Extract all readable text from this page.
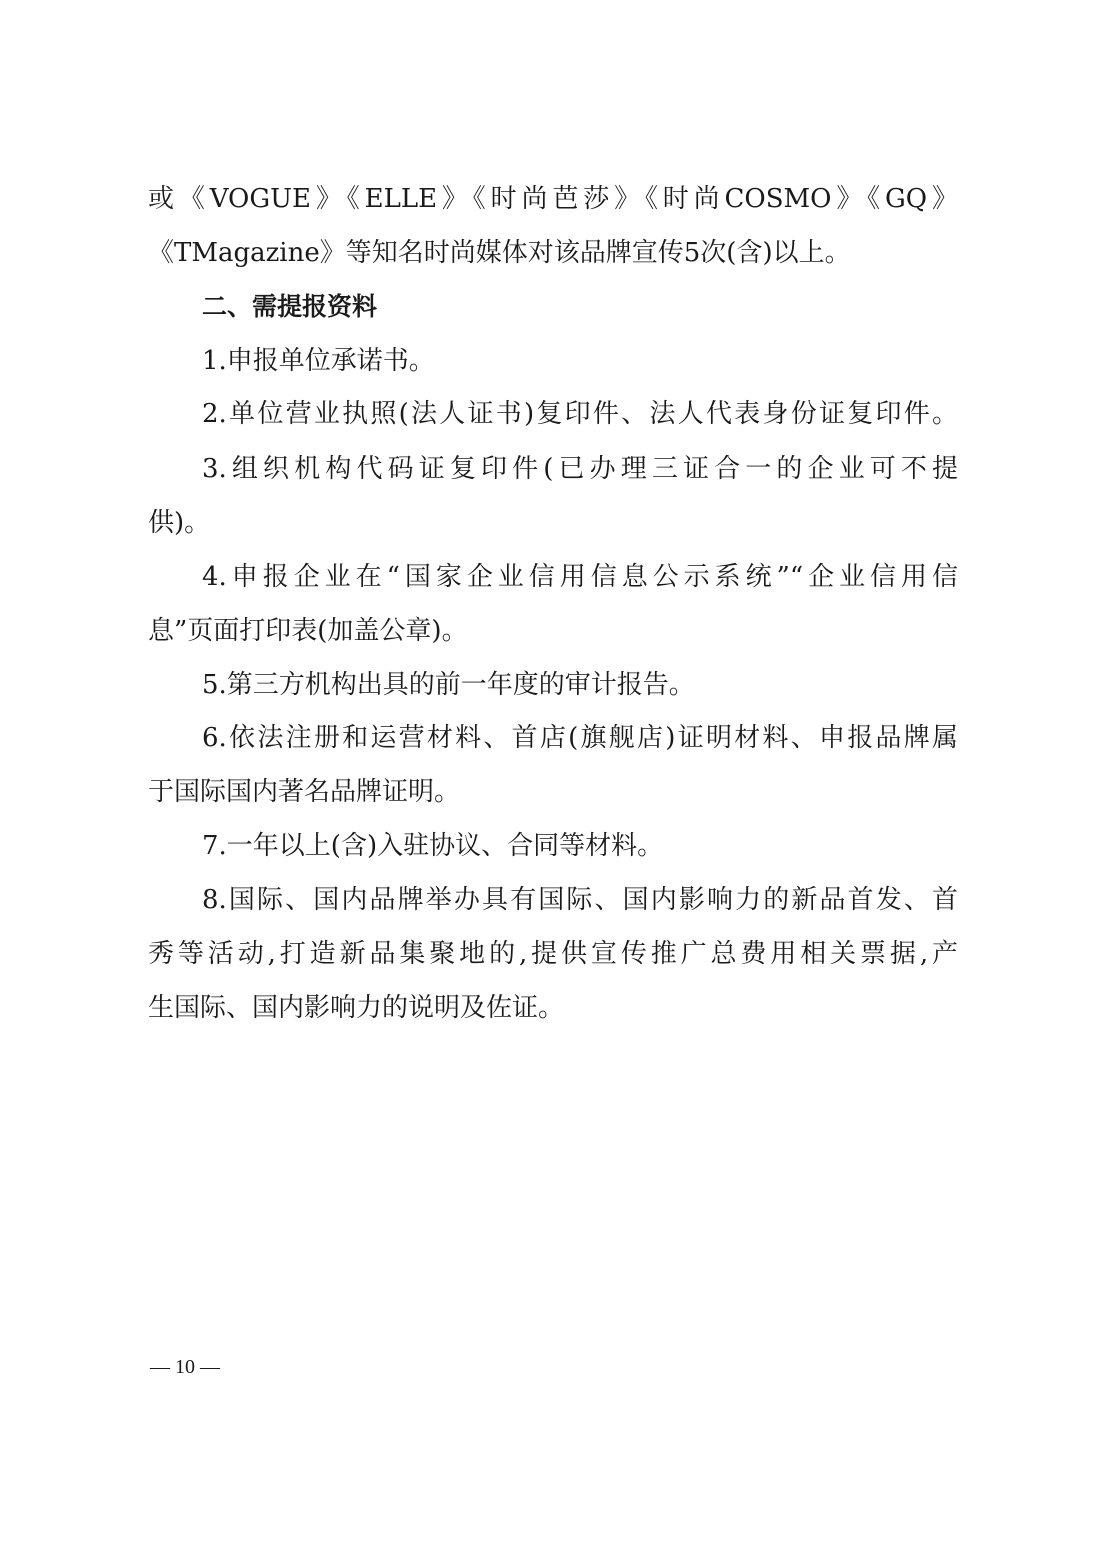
或《VOGUE》《ELLE》《时尚芭莎》《时尚COSMO》《GQ》
《TMagazine》等知名时尚媒体对该品牌宣传5次(含)以上。
二、需提报资料
1.申报单位承诺书。
2.单位营业执照(法人证书)复印件、法人代表身份证复印件。
3.组织机构代码证复印件(已办理三证合一的企业可不提
供)。
4.申报企业在“国家企业信用信息公示系统”“企业信用信
息”页面打印表(加盖公章)。
5.第三方机构出具的前一年度的审计报告。
6.依法注册和运营材料、首店(旗舰店)证明材料、申报品牌属
于国际国内著名品牌证明。
7.一年以上(含)入驻协议、合同等材料。
8.国际、国内品牌举办具有国际、国内影响力的新品首发、首
秀等活动,打造新品集聚地的,提供宣传推广总费用相关票据,产
生国际、国内影响力的说明及佐证。
— 10 —
